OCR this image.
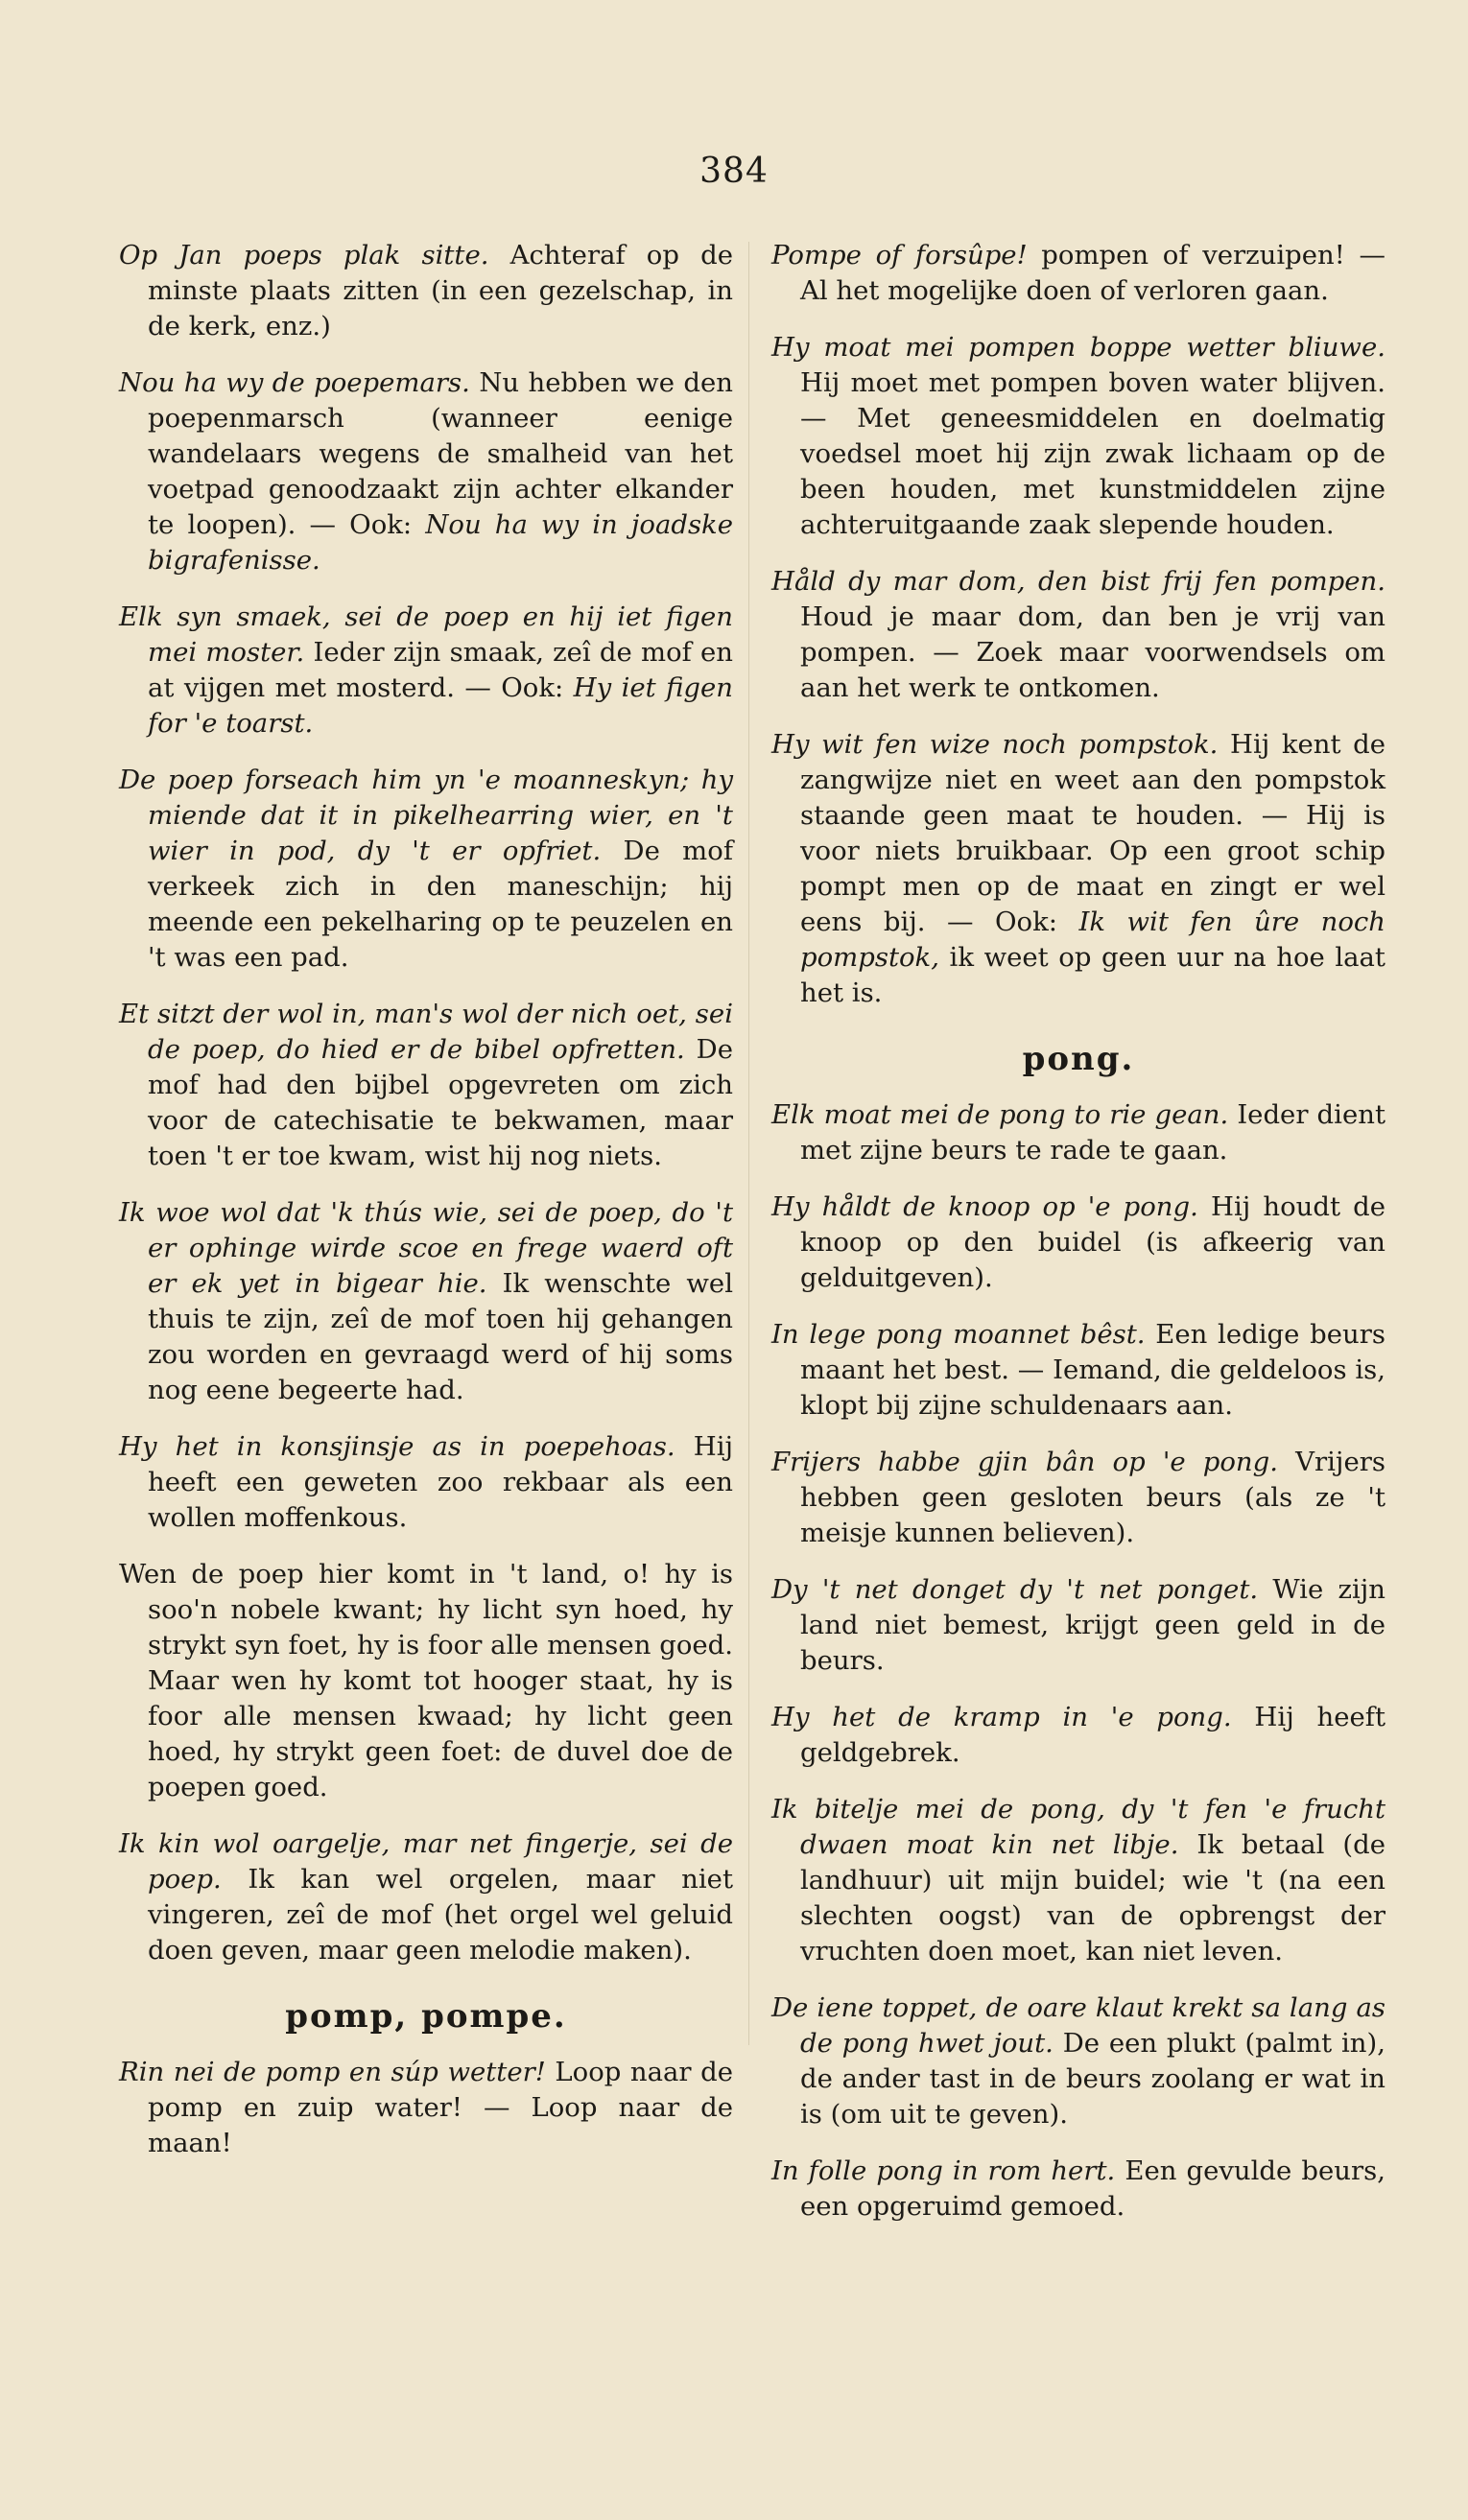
384

Op Jan poeps plak sitte. Achteraf op de minste plaats zitten (in een gezelschap, in de kerk, enz.)

Nou ha wy de poepemars. Nu hebben we den poepenmarsch (wanneer eenige wandelaars wegens de smalheid van het voetpad genoodzaakt zijn achter elkander te loopen). — Ook: Nou ha wy in joadske bigrafenisse.

Elk syn smaek, sei de poep en hij iet figen mei moster. Ieder zijn smaak, zeî de mof en at vijgen met mosterd. — Ook: Hy iet figen for 'e toarst.

De poep forseach him yn 'e moanneskyn; hy miende dat it in pikelhearring wier, en 't wier in pod, dy 't er opfriet. De mof verkeek zich in den maneschijn; hij meende een pekelharing op te peuzelen en 't was een pad.

Et sitzt der wol in, man's wol der nich oet, sei de poep, do hied er de bibel opfretten. De mof had den bijbel opgevreten om zich voor de catechisatie te bekwamen, maar toen 't er toe kwam, wist hij nog niets.

Ik woe wol dat 'k thús wie, sei de poep, do 't er ophinge wirde scoe en frege waerd oft er ek yet in bigear hie. Ik wenschte wel thuis te zijn, zeî de mof toen hij gehangen zou worden en gevraagd werd of hij soms nog eene begeerte had.

Hy het in konsjinsje as in poepehoas. Hij heeft een geweten zoo rekbaar als een wollen moffenkous.

Wen de poep hier komt in 't land, o! hy is soo'n nobele kwant; hy licht syn hoed, hy strykt syn foet, hy is foor alle mensen goed. Maar wen hy komt tot hooger staat, hy is foor alle mensen kwaad; hy licht geen hoed, hy strykt geen foet: de duvel doe de poepen goed.

Ik kin wol oargelje, mar net fingerje, sei de poep. Ik kan wel orgelen, maar niet vingeren, zeî de mof (het orgel wel geluid doen geven, maar geen melodie maken).

pomp, pompe.

Rin nei de pomp en súp wetter! Loop naar de pomp en zuip water! — Loop naar de maan!

Pompe of forsûpe! pompen of verzuipen! — Al het mogelijke doen of verloren gaan.

Hy moat mei pompen boppe wetter bliuwe. Hij moet met pompen boven water blijven. — Met geneesmiddelen en doelmatig voedsel moet hij zijn zwak lichaam op de been houden, met kunstmiddelen zijne achteruitgaande zaak slepende houden.

Håld dy mar dom, den bist frij fen pompen. Houd je maar dom, dan ben je vrij van pompen. — Zoek maar voorwendsels om aan het werk te ontkomen.

Hy wit fen wize noch pompstok. Hij kent de zangwijze niet en weet aan den pompstok staande geen maat te houden. — Hij is voor niets bruikbaar. Op een groot schip pompt men op de maat en zingt er wel eens bij. — Ook: Ik wit fen ûre noch pompstok, ik weet op geen uur na hoe laat het is.

pong.

Elk moat mei de pong to rie gean. Ieder dient met zijne beurs te rade te gaan.

Hy håldt de knoop op 'e pong. Hij houdt de knoop op den buidel (is afkeerig van gelduitgeven).

In lege pong moannet bêst. Een ledige beurs maant het best. — Iemand, die geldeloos is, klopt bij zijne schuldenaars aan.

Frijers habbe gjin bân op 'e pong. Vrijers hebben geen gesloten beurs (als ze 't meisje kunnen believen).

Dy 't net donget dy 't net ponget. Wie zijn land niet bemest, krijgt geen geld in de beurs.

Hy het de kramp in 'e pong. Hij heeft geldgebrek.

Ik bitelje mei de pong, dy 't fen 'e frucht dwaen moat kin net libje. Ik betaal (de landhuur) uit mijn buidel; wie 't (na een slechten oogst) van de opbrengst der vruchten doen moet, kan niet leven.

De iene toppet, de oare klaut krekt sa lang as de pong hwet jout. De een plukt (palmt in), de ander tast in de beurs zoolang er wat in is (om uit te geven).

In folle pong in rom hert. Een gevulde beurs, een opgeruimd gemoed.
